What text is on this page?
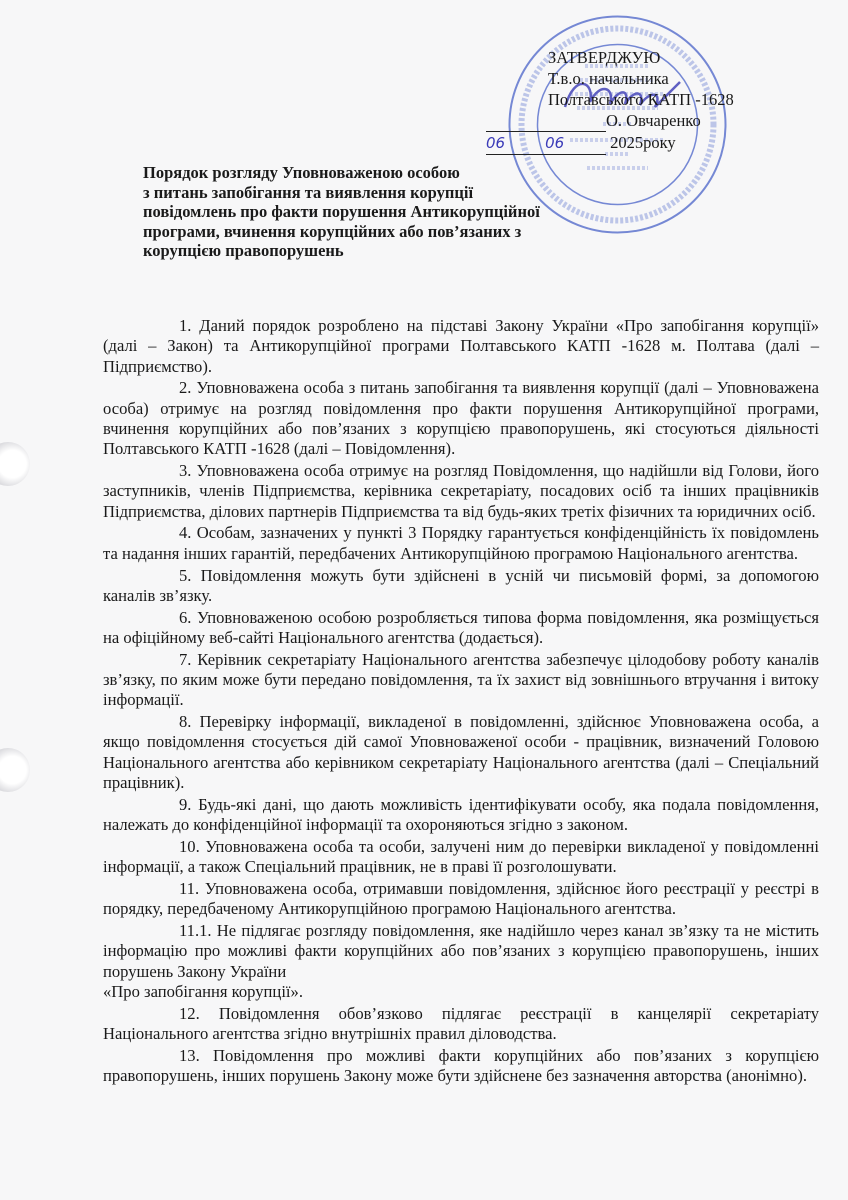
ЗАТВЕРДЖУЮ
Т.в.о. начальника
Полтавського КАТП -1628
О. Овчаренко
06	06	2025року
Порядок розгляду Уповноваженою особою
з питань запобігання та виявлення корупції
повідомлень про факти порушення Антикорупційної
програми, вчинення корупційних або пов’язаних з
корупцією правопорушень

1. Даний порядок розроблено на підставі Закону України «Про запобігання корупції» (далі – Закон) та Антикорупційної програми Полтавського КАТП -1628 м. Полтава (далі – Підприємство).

2. Уповноважена особа з питань запобігання та виявлення корупції (далі – Уповноважена особа) отримує на розгляд повідомлення про факти порушення Антикорупційної програми, вчинення корупційних або пов’язаних з корупцією правопорушень, які стосуються діяльності Полтавського КАТП -1628 (далі – Повідомлення).

3. Уповноважена особа отримує на розгляд Повідомлення, що надійшли від Голови, його заступників, членів Підприємства, керівника секретаріату, посадових осіб та інших працівників Підприємства, ділових партнерів Підприємства та від будь-яких третіх фізичних та юридичних осіб.

4. Особам, зазначених у пункті 3 Порядку гарантується конфіденційність їх повідомлень та надання інших гарантій, передбачених Антикорупційною програмою Національного агентства.

5. Повідомлення можуть бути здійснені в усній чи письмовій формі, за допомогою каналів зв’язку.

6. Уповноваженою особою розробляється типова форма повідомлення, яка розміщується на офіційному веб-сайті Національного агентства (додається).

7. Керівник секретаріату Національного агентства забезпечує цілодобову роботу каналів зв’язку, по яким може бути передано повідомлення, та їх захист від зовнішнього втручання і витоку інформації.

8. Перевірку інформації, викладеної в повідомленні, здійснює Уповноважена особа, а якщо повідомлення стосується дій самої Уповноваженої особи - працівник, визначений Головою Національного агентства або керівником секретаріату Національного агентства (далі – Спеціальний працівник).

9. Будь-які дані, що дають можливість ідентифікувати особу, яка подала повідомлення, належать до конфіденційної інформації та охороняються згідно з законом.

10. Уповноважена особа та особи, залучені ним до перевірки викладеної у повідомленні інформації, а також Спеціальний працівник, не в праві її розголошувати.

11. Уповноважена особа, отримавши повідомлення, здійснює його реєстрації у реєстрі в порядку, передбаченому Антикорупційною програмою Національного агентства.

11.1. Не підлягає розгляду повідомлення, яке надійшло через канал зв’язку та не містить інформацію про можливі факти корупційних або пов’язаних з корупцією правопорушень, інших порушень Закону України

«Про запобігання корупції».

12. Повідомлення обов’язково підлягає реєстрації в канцелярії секретаріату Національного агентства згідно внутрішніх правил діловодства.

13. Повідомлення про можливі факти корупційних або пов’язаних з корупцією правопорушень, інших порушень Закону може бути здійснене без зазначення авторства (анонімно).
